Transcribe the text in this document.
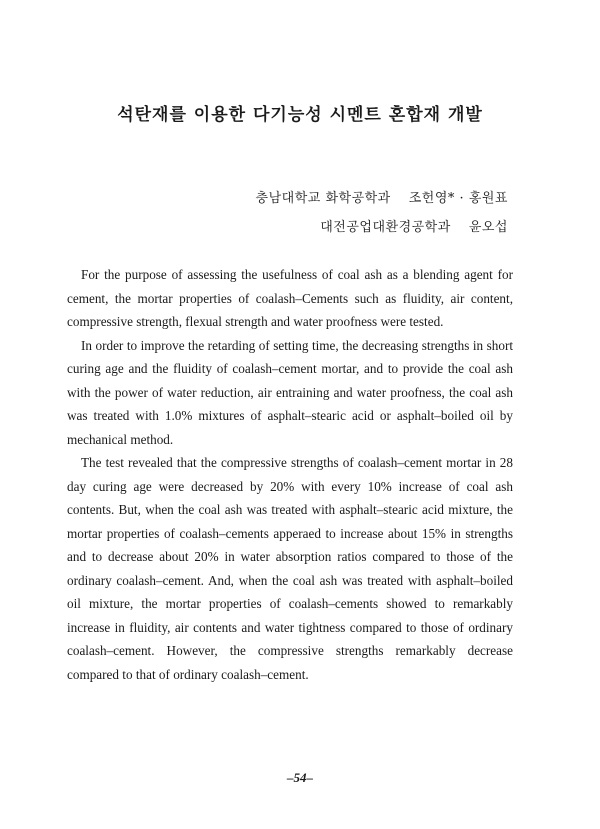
석탄재를 이용한 다기능성 시멘트 혼합재 개발
충남대학교 화학공학과 조헌영* · 홍원표
대전공업대환경공학과 윤오섭

For the purpose of assessing the usefulness of coal ash as a blending agent for cement, the mortar properties of coalash–Cements such as fluidity, air content, compressive strength, flexual strength and water proofness were tested.

In order to improve the retarding of setting time, the decreasing strengths in short curing age and the fluidity of coalash–cement mortar, and to provide the coal ash with the power of water reduction, air entraining and water proofness, the coal ash was treated with 1.0% mixtures of asphalt–stearic acid or asphalt–boiled oil by mechanical method.

The test revealed that the compressive strengths of coalash–cement mortar in 28 day curing age were decreased by 20% with every 10% increase of coal ash contents. But, when the coal ash was treated with asphalt–stearic acid mixture, the mortar properties of coalash–cements apperaed to increase about 15% in strengths and to decrease about 20% in water absorption ratios compared to those of the ordinary coalash–cement. And, when the coal ash was treated with asphalt–boiled oil mixture, the mortar properties of coalash–cements showed to remarkably increase in fluidity, air contents and water tightness compared to those of ordinary coalash–cement. However, the compressive strengths remarkably decrease compared to that of ordinary coalash–cement.

–54–
